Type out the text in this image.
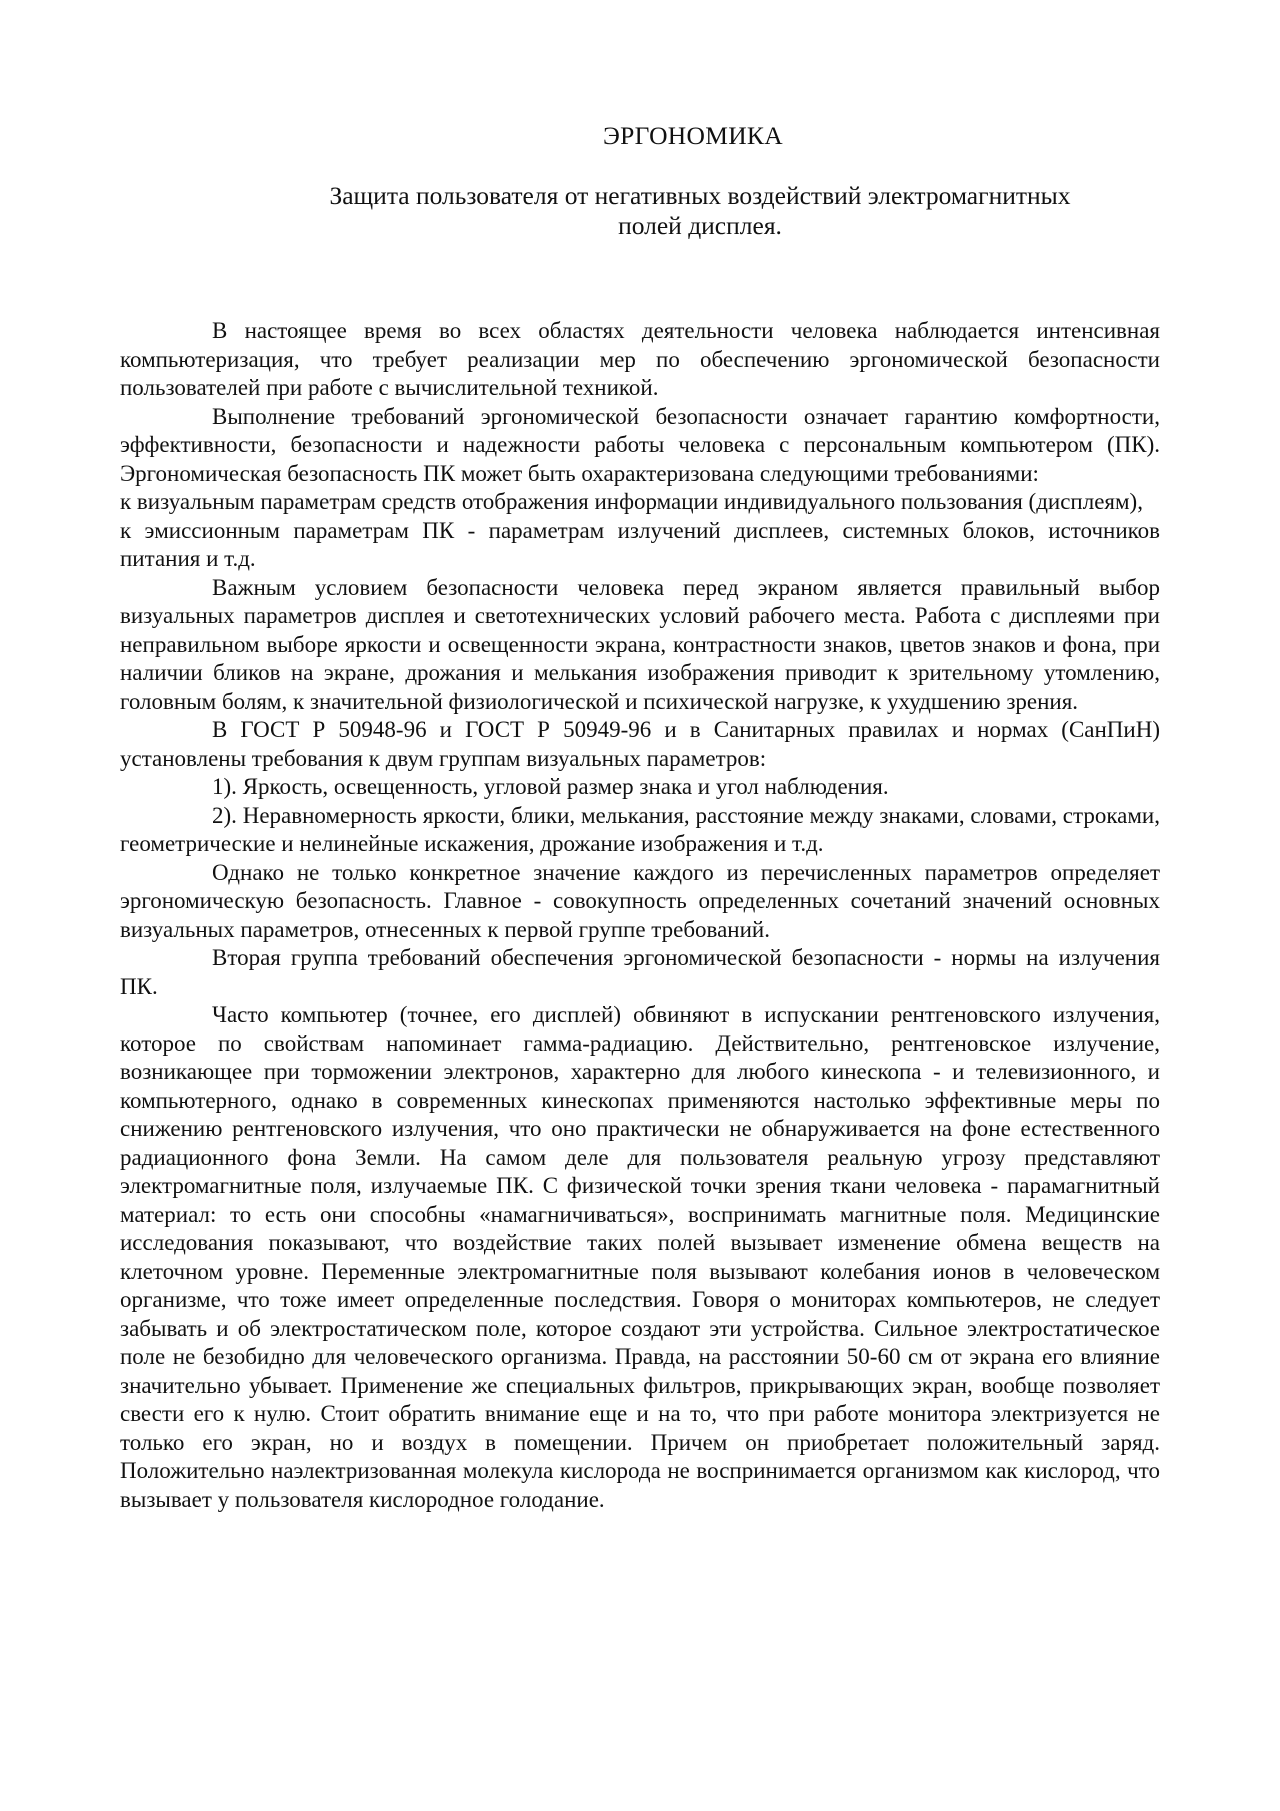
ЭРГОНОМИКА
Защита пользователя от негативных воздействий электромагнитных
полей дисплея.

В настоящее время во всех областях деятельности человека наблюдается интенсивная компьютеризация, что требует реализации мер по обеспечению эргономической безопасности пользователей при работе с вычислительной техникой.

Выполнение требований эргономической безопасности означает гарантию комфортности, эффективности, безопасности и надежности работы человека с персональным компьютером (ПК). Эргономическая безопасность ПК может быть охарактеризована следующими требованиями:

к визуальным параметрам средств отображения информации индивидуального пользования (дисплеям),

к эмиссионным параметрам ПК - параметрам излучений дисплеев, системных блоков, источников питания и т.д.

Важным условием безопасности человека перед экраном является правильный выбор визуальных параметров дисплея и светотехнических условий рабочего места. Работа с дисплеями при неправильном выборе яркости и освещенности экрана, контрастности знаков, цветов знаков и фона, при наличии бликов на экране, дрожания и мелькания изображения приводит к зрительному утомлению, головным болям, к значительной физиологической и психической нагрузке, к ухудшению зрения.

В ГОСТ Р 50948-96 и ГОСТ Р 50949-96 и в Санитарных правилах и нормах (СанПиН) установлены требования к двум группам визуальных параметров:

1). Яркость, освещенность, угловой размер знака и угол наблюдения.

2). Неравномерность яркости, блики, мелькания, расстояние между знаками, словами, строками, геометрические и нелинейные искажения, дрожание изображения и т.д.

Однако не только конкретное значение каждого из перечисленных параметров определяет эргономическую безопасность. Главное - совокупность определенных сочетаний значений основных визуальных параметров, отнесенных к первой группе требований.

Вторая группа требований обеспечения эргономической безопасности - нормы на излучения ПК.

Часто компьютер (точнее, его дисплей) обвиняют в испускании рентгеновского излучения, которое по свойствам напоминает гамма-радиацию. Действительно, рентгеновское излучение, возникающее при торможении электронов, характерно для любого кинескопа - и телевизионного, и компьютерного, однако в современных кинескопах применяются настолько эффективные меры по снижению рентгеновского излучения, что оно практически не обнаруживается на фоне естественного радиационного фона Земли. На самом деле для пользователя реальную угрозу представляют электромагнитные поля, излучаемые ПК. С физической точки зрения ткани человека - парамагнитный материал: то есть они способны «намагничиваться», воспринимать магнитные поля. Медицинские исследования показывают, что воздействие таких полей вызывает изменение обмена веществ на клеточном уровне. Переменные электромагнитные поля вызывают колебания ионов в человеческом организме, что тоже имеет определенные последствия. Говоря о мониторах компьютеров, не следует забывать и об электростатическом поле, которое создают эти устройства. Сильное электростатическое поле не безобидно для человеческого организма. Правда, на расстоянии 50-60 см от экрана его влияние значительно убывает. Применение же специальных фильтров, прикрывающих экран, вообще позволяет свести его к нулю. Стоит обратить внимание еще и на то, что при работе монитора электризуется не только его экран, но и воздух в помещении. Причем он приобретает положительный заряд. Положительно наэлектризованная молекула кислорода не воспринимается организмом как кислород, что вызывает у пользователя кислородное голодание.
